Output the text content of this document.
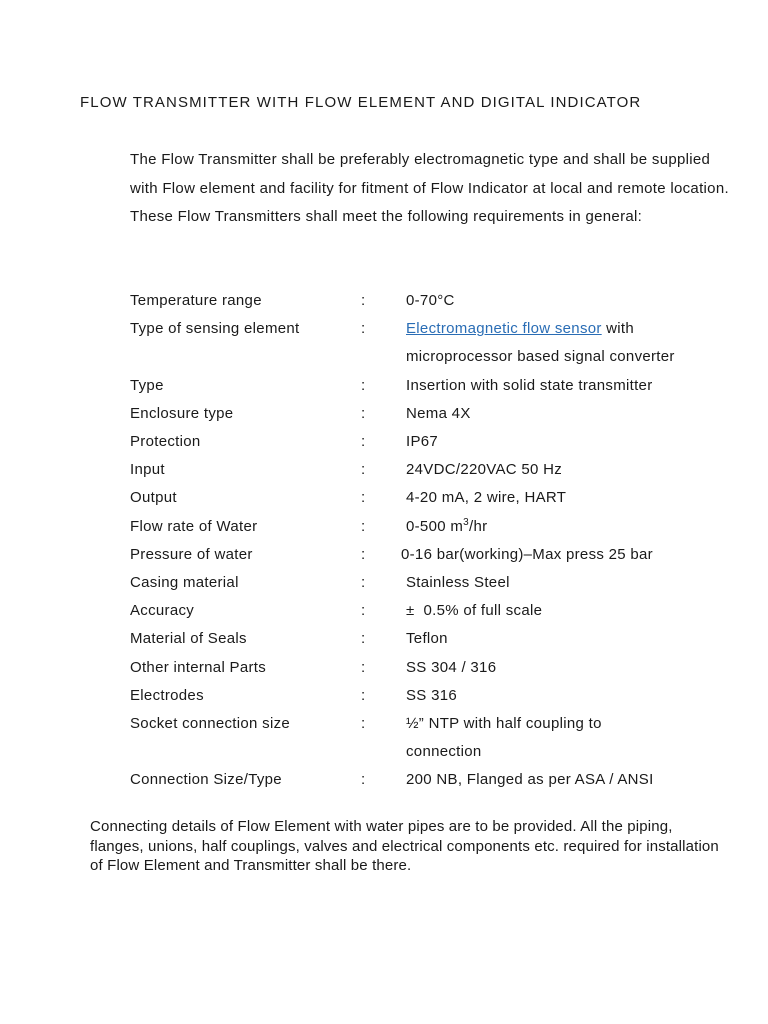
FLOW TRANSMITTER WITH FLOW ELEMENT AND DIGITAL INDICATOR
The Flow Transmitter shall be preferably electromagnetic type and shall be supplied with Flow element and facility for fitment of Flow Indicator at local and remote location. These Flow Transmitters shall meet the following requirements in general:
Temperature range	:	0-70°C
Type of sensing element	:	Electromagnetic flow sensor with microprocessor based signal converter
Type	:	Insertion with solid state transmitter
Enclosure type	:	Nema 4X
Protection	:	IP67
Input	:	24VDC/220VAC 50 Hz
Output	:	4-20 mA, 2 wire, HART
Flow rate of Water	:	0-500 $m^3/hr$
Pressure of water	:	0-16 bar(working)–Max press 25 bar
Casing material	:	Stainless Steel
Accuracy	:	±  0.5% of full scale
Material of Seals	:	Teflon
Other internal Parts	:	SS 304 / 316
Electrodes	:	SS 316
Socket connection size	:	½” NTP with half coupling to connection
Connection Size/Type	:	200 NB, Flanged as per ASA / ANSI
Connecting details of Flow Element with water pipes are to be provided. All the piping, flanges, unions, half couplings, valves and electrical components etc. required for installation of Flow Element and Transmitter shall be there.
